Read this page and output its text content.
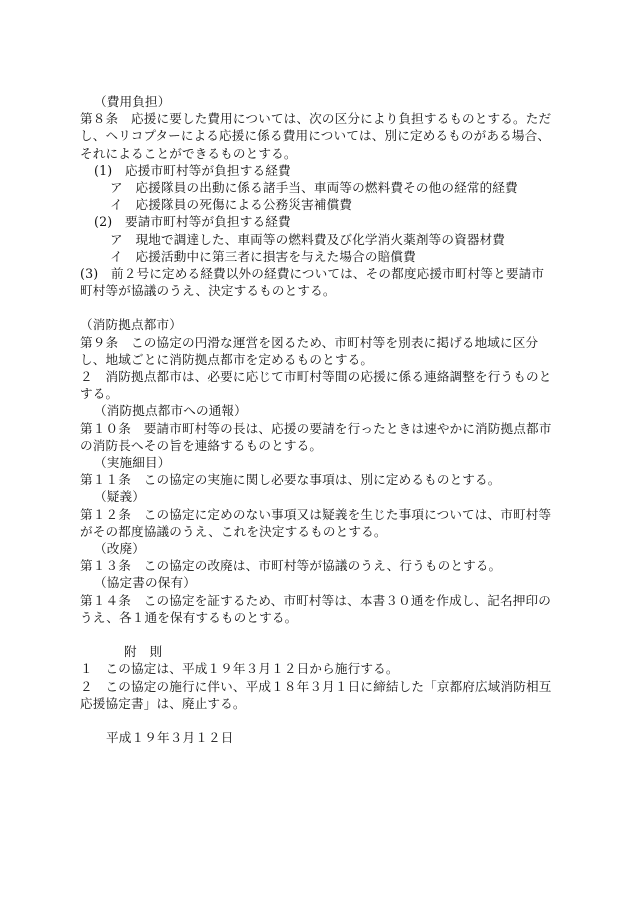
（費用負担）

第８条　応援に要した費用については、次の区分により負担するものとする。ただし、ヘリコプターによる応援に係る費用については、別に定めるものがある場合、それによることができるものとする。

(1)　応援市町村等が負担する経費

ア　応援隊員の出動に係る諸手当、車両等の燃料費その他の経常的経費

イ　応援隊員の死傷による公務災害補償費

(2)　要請市町村等が負担する経費

ア　現地で調達した、車両等の燃料費及び化学消火薬剤等の資器材費

イ　応援活動中に第三者に損害を与えた場合の賠償費

(3)　前２号に定める経費以外の経費については、その都度応援市町村等と要請市町村等が協議のうえ、決定するものとする。

（消防拠点都市）

第９条　この協定の円滑な運営を図るため、市町村等を別表に掲げる地域に区分し、地域ごとに消防拠点都市を定めるものとする。

２　消防拠点都市は、必要に応じて市町村等間の応援に係る連絡調整を行うものとする。

（消防拠点都市への通報）

第１０条　要請市町村等の長は、応援の要請を行ったときは速やかに消防拠点都市の消防長へその旨を連絡するものとする。

（実施細目）

第１１条　この協定の実施に関し必要な事項は、別に定めるものとする。

（疑義）

第１２条　この協定に定めのない事項又は疑義を生じた事項については、市町村等がその都度協議のうえ、これを決定するものとする。

（改廃）

第１３条　この協定の改廃は、市町村等が協議のうえ、行うものとする。

（協定書の保有）

第１４条　この協定を証するため、市町村等は、本書３０通を作成し、記名押印のうえ、各１通を保有するものとする。

附　則

１　この協定は、平成１９年３月１２日から施行する。

２　この協定の施行に伴い、平成１８年３月１日に締結した「京都府広域消防相互応援協定書」は、廃止する。

平成１９年３月１２日
